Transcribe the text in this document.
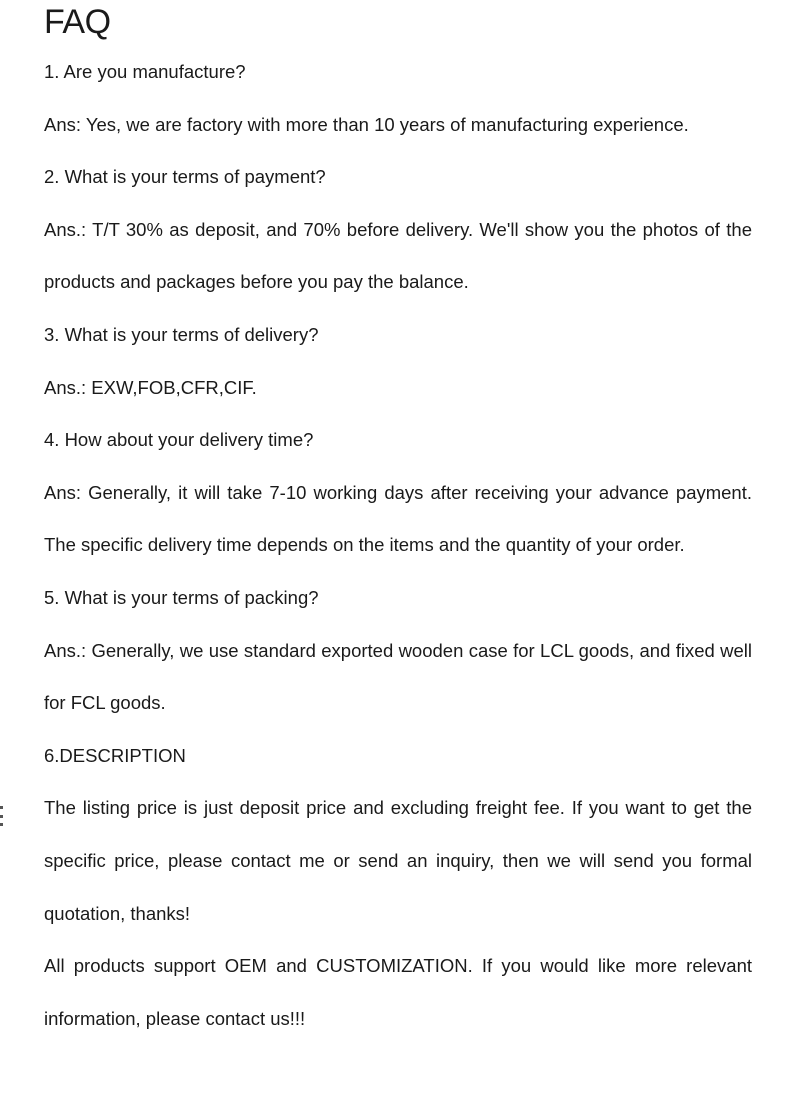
FAQ

1. Are you manufacture?

Ans: Yes, we are factory with more than 10 years of manufacturing experience.

2. What is your terms of payment?

Ans.: T/T 30% as deposit, and 70% before delivery. We'll show you the photos of the products and packages before you pay the balance.

3. What is your terms of delivery?

Ans.: EXW,FOB,CFR,CIF.

4. How about your delivery time?

Ans: Generally, it will take 7-10 working days after receiving your advance payment. The specific delivery time depends on the items and the quantity of your order.

5. What is your terms of packing?

Ans.: Generally, we use standard exported wooden case for LCL goods, and fixed well for FCL goods.

6.DESCRIPTION

The listing price is just deposit price and excluding freight fee. If you want to get the specific price, please contact me or send an inquiry, then we will send you formal quotation, thanks!

All products support OEM and CUSTOMIZATION. If you would like more relevant information, please contact us!!!
